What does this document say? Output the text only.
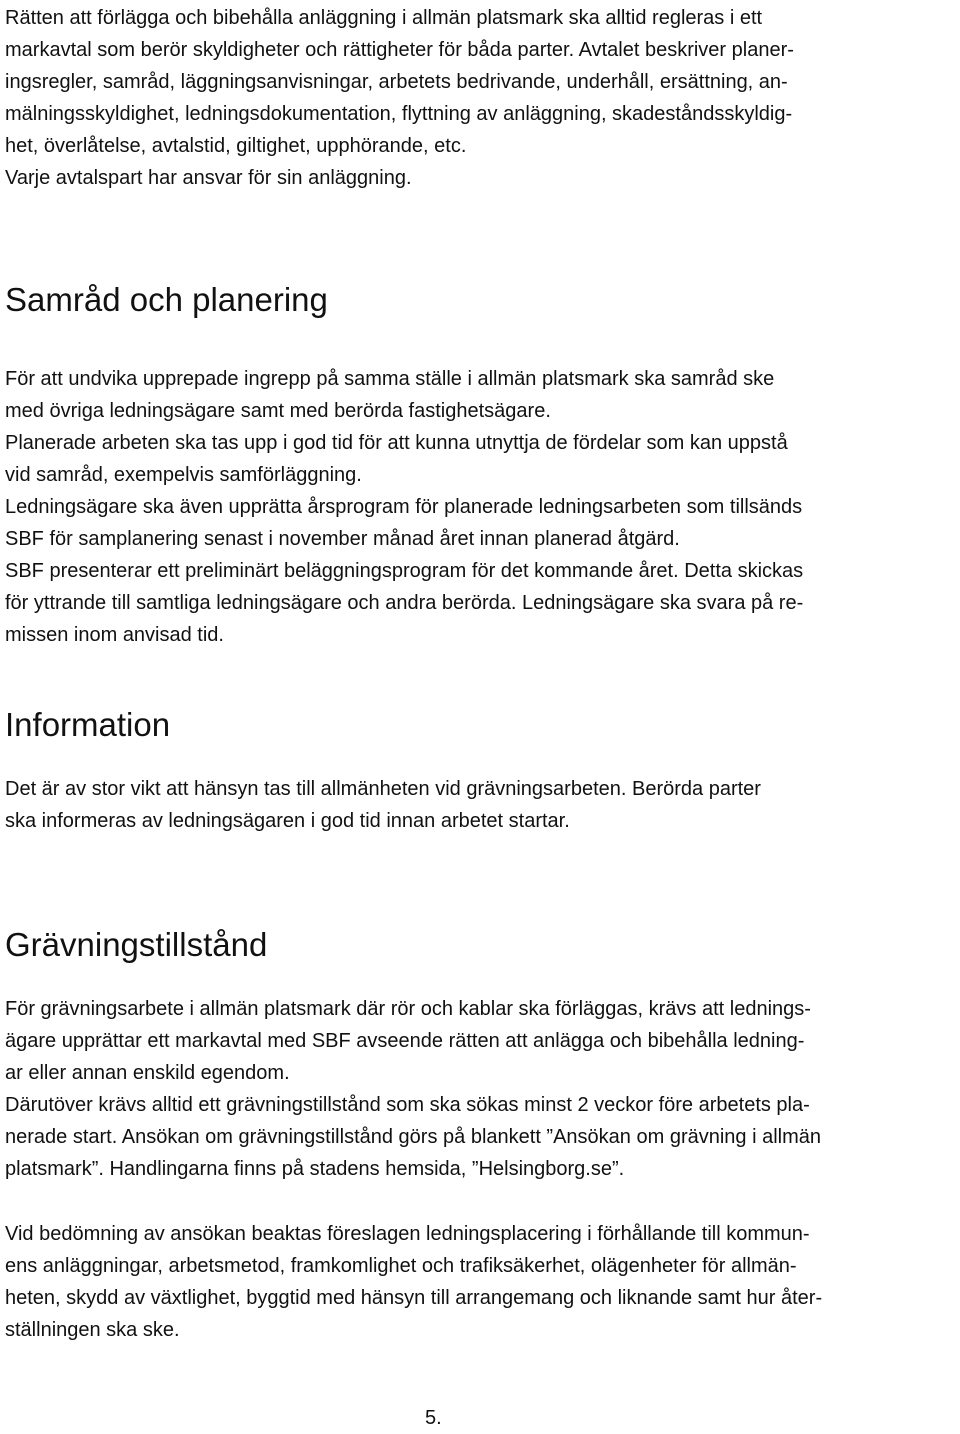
Rätten att förlägga och bibehålla anläggning i allmän platsmark ska alltid regleras i ett
markavtal som berör skyldigheter och rättigheter för båda parter. Avtalet beskriver planer-
ingsregler, samråd, läggningsanvisningar, arbetets bedrivande, underhåll, ersättning, an-
mälningsskyldighet, ledningsdokumentation, flyttning av anläggning, skadeståndsskyldig-
het, överlåtelse, avtalstid, giltighet, upphörande, etc.
Varje avtalspart har ansvar för sin anläggning.
Samråd och planering
För att undvika upprepade ingrepp på samma ställe i allmän platsmark ska samråd ske
med övriga ledningsägare samt med berörda fastighetsägare.
Planerade arbeten ska tas upp i god tid för att kunna utnyttja de fördelar som kan uppstå
vid samråd, exempelvis samförläggning.
Ledningsägare ska även upprätta årsprogram för planerade ledningsarbeten som tillsänds
SBF för samplanering senast i november månad året innan planerad åtgärd.
SBF presenterar ett preliminärt beläggningsprogram för det kommande året. Detta skickas
för yttrande till samtliga ledningsägare och andra berörda. Ledningsägare ska svara på re-
missen inom anvisad tid.
Information
Det är av stor vikt att hänsyn tas till allmänheten vid grävningsarbeten. Berörda parter
ska informeras av ledningsägaren i god tid innan arbetet startar.
Grävningstillstånd
För grävningsarbete i allmän platsmark där rör och kablar ska förläggas, krävs att lednings-
ägare upprättar ett markavtal med SBF avseende rätten att anlägga och bibehålla ledning-
ar eller annan enskild egendom.
Därutöver krävs alltid ett grävningstillstånd som ska sökas minst 2 veckor före arbetets pla-
nerade start. Ansökan om grävningstillstånd görs på blankett ”Ansökan om grävning i allmän
platsmark”. Handlingarna finns på stadens hemsida, ”Helsingborg.se”.
Vid bedömning av ansökan beaktas föreslagen ledningsplacering i förhållande till kommun-
ens anläggningar, arbetsmetod, framkomlighet och trafiksäkerhet, olägenheter för allmän-
heten, skydd av växtlighet, byggtid med hänsyn till arrangemang och liknande samt hur åter-
ställningen ska ske.
5.
